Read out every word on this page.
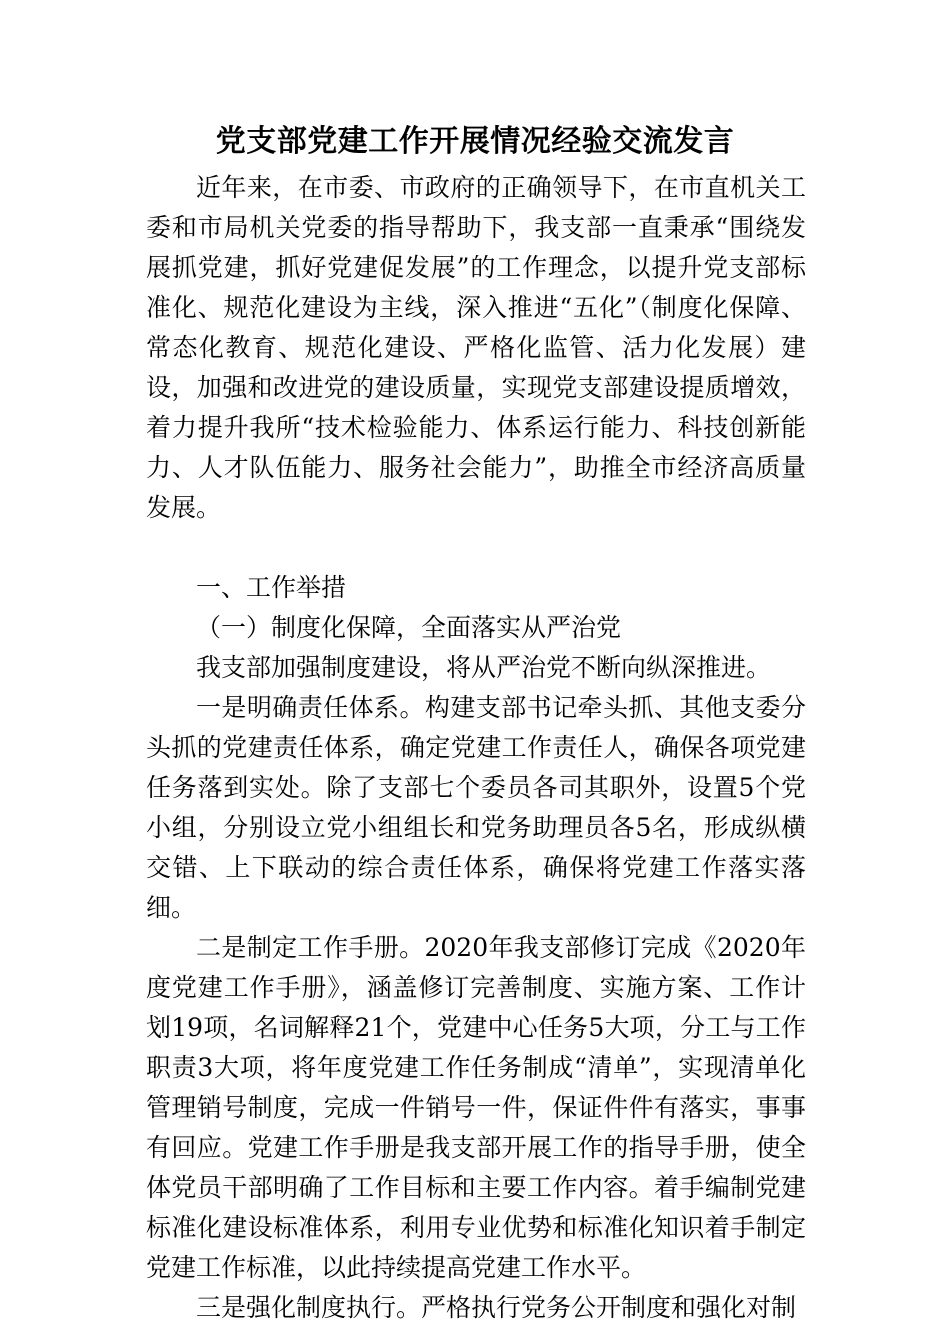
党支部党建工作开展情况经验交流发言

近年来，在市委、市政府的正确领导下，在市直机关工委和市局机关党委的指导帮助下，我支部一直秉承“围绕发展抓党建，抓好党建促发展”的工作理念，以提升党支部标准化、规范化建设为主线，深入推进“五化”（制度化保障、常态化教育、规范化建设、严格化监管、活力化发展）建设，加强和改进党的建设质量，实现党支部建设提质增效，着力提升我所“技术检验能力、体系运行能力、科技创新能力、人才队伍能力、服务社会能力”，助推全市经济高质量发展。

一、工作举措

（一）制度化保障，全面落实从严治党

我支部加强制度建设，将从严治党不断向纵深推进。

一是明确责任体系。构建支部书记牵头抓、其他支委分头抓的党建责任体系，确定党建工作责任人，确保各项党建任务落到实处。除了支部七个委员各司其职外，设置5个党小组，分别设立党小组组长和党务助理员各5名，形成纵横交错、上下联动的综合责任体系，确保将党建工作落实落细。

二是制定工作手册。2020年我支部修订完成《2020年度党建工作手册》，涵盖修订完善制度、实施方案、工作计划19项，名词解释21个，党建中心任务5大项，分工与工作职责3大项，将年度党建工作任务制成“清单”，实现清单化管理销号制度，完成一件销号一件，保证件件有落实，事事有回应。党建工作手册是我支部开展工作的指导手册，使全体党员干部明确了工作目标和主要工作内容。着手编制党建标准化建设标准体系，利用专业优势和标准化知识着手制定党建工作标准，以此持续提高党建工作水平。

三是强化制度执行。严格执行党务公开制度和强化对制
